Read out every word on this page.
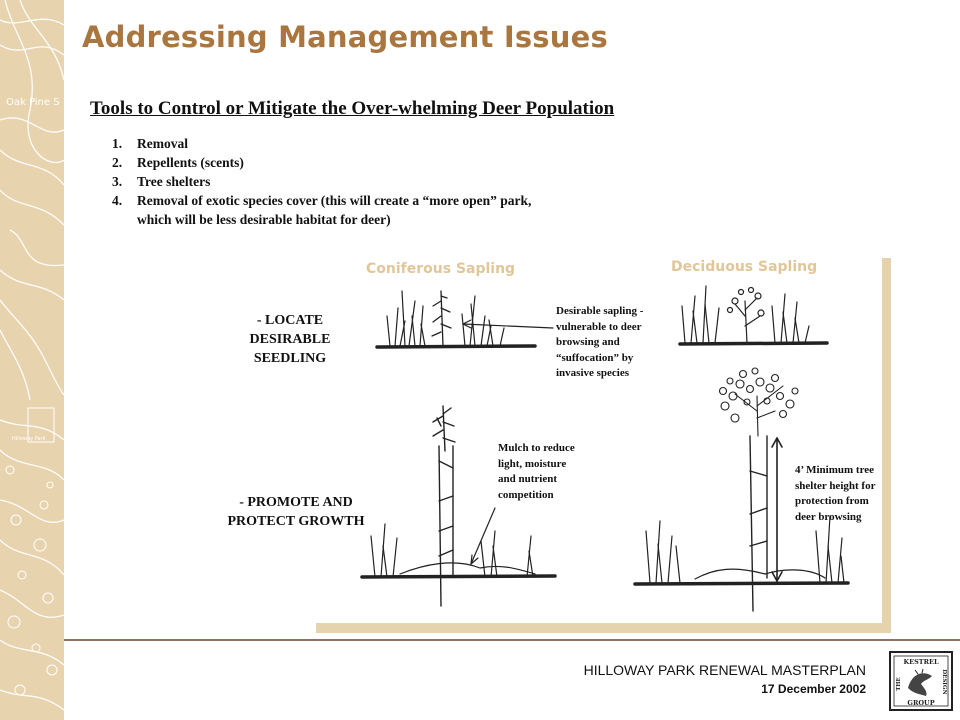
Oak Pine S
Hilloway Park
Addressing Management Issues
Tools to Control or Mitigate the Over-whelming Deer Population
1. Removal
2. Repellents (scents)
3. Tree shelters
4. Removal of exotic species cover (this will create a “more open” park,
which will be less desirable habitat for deer)
Coniferous Sapling	Deciduous Sapling
- LOCATE
DESIRABLE
SEEDLING
- PROMOTE AND
PROTECT GROWTH
Desirable sapling -
vulnerable to deer
browsing and
“suffocation” by
invasive species
Mulch to reduce
light, moisture
and nutrient
competition
4’ Minimum tree
shelter height for
protection from
deer browsing
HILLOWAY PARK RENEWAL MASTERPLAN
17 December 2002
KESTREL
GROUP
THE	DESIGN
